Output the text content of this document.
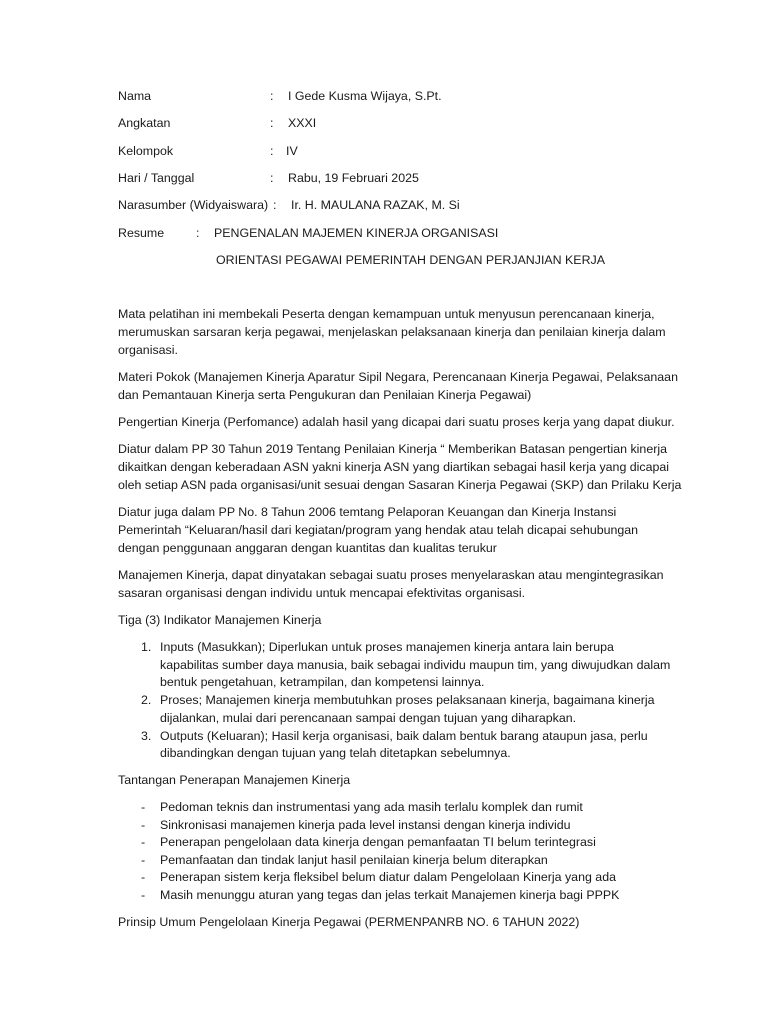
Nama	: I Gede Kusma Wijaya, S.Pt.
Angkatan	: XXXI
Kelompok	: IV
Hari / Tanggal	: Rabu, 19 Februari 2025
Narasumber (Widyaiswara) : Ir. H. MAULANA RAZAK, M. Si
Resume	: PENGENALAN MAJEMEN KINERJA ORGANISASI
ORIENTASI PEGAWAI PEMERINTAH DENGAN PERJANJIAN KERJA
Mata pelatihan ini membekali Peserta dengan kemampuan untuk menyusun perencanaan kinerja,
merumuskan sarsaran kerja pegawai, menjelaskan pelaksanaan kinerja dan penilaian kinerja dalam
organisasi.
Materi Pokok (Manajemen Kinerja Aparatur Sipil Negara, Perencanaan Kinerja Pegawai, Pelaksanaan
dan Pemantauan Kinerja serta Pengukuran dan Penilaian Kinerja Pegawai)
Pengertian Kinerja (Perfomance) adalah hasil yang dicapai dari suatu proses kerja yang dapat diukur.
Diatur dalam PP 30 Tahun 2019 Tentang Penilaian Kinerja “ Memberikan Batasan pengertian kinerja
dikaitkan dengan keberadaan ASN yakni kinerja ASN yang diartikan sebagai hasil kerja yang dicapai
oleh setiap ASN pada organisasi/unit sesuai dengan Sasaran Kinerja Pegawai (SKP) dan Prilaku Kerja
Diatur juga dalam PP No. 8 Tahun 2006 temtang Pelaporan Keuangan dan Kinerja Instansi
Pemerintah “Keluaran/hasil dari kegiatan/program yang hendak atau telah dicapai sehubungan
dengan penggunaan anggaran dengan kuantitas dan kualitas terukur
Manajemen Kinerja, dapat dinyatakan sebagai suatu proses menyelaraskan atau mengintegrasikan
sasaran organisasi dengan individu untuk mencapai efektivitas organisasi.
Tiga (3) Indikator Manajemen Kinerja
1. Inputs (Masukkan); Diperlukan untuk proses manajemen kinerja antara lain berupa
kapabilitas sumber daya manusia, baik sebagai individu maupun tim, yang diwujudkan dalam
bentuk pengetahuan, ketrampilan, dan kompetensi lainnya.
2. Proses; Manajemen kinerja membutuhkan proses pelaksanaan kinerja, bagaimana kinerja
dijalankan, mulai dari perencanaan sampai dengan tujuan yang diharapkan.
3. Outputs (Keluaran); Hasil kerja organisasi, baik dalam bentuk barang ataupun jasa, perlu
dibandingkan dengan tujuan yang telah ditetapkan sebelumnya.
Tantangan Penerapan Manajemen Kinerja
- Pedoman teknis dan instrumentasi yang ada masih terlalu komplek dan rumit
- Sinkronisasi manajemen kinerja pada level instansi dengan kinerja individu
- Penerapan pengelolaan data kinerja dengan pemanfaatan TI belum terintegrasi
- Pemanfaatan dan tindak lanjut hasil penilaian kinerja belum diterapkan
- Penerapan sistem kerja fleksibel belum diatur dalam Pengelolaan Kinerja yang ada
- Masih menunggu aturan yang tegas dan jelas terkait Manajemen kinerja bagi PPPK
Prinsip Umum Pengelolaan Kinerja Pegawai (PERMENPANRB NO. 6 TAHUN 2022)
